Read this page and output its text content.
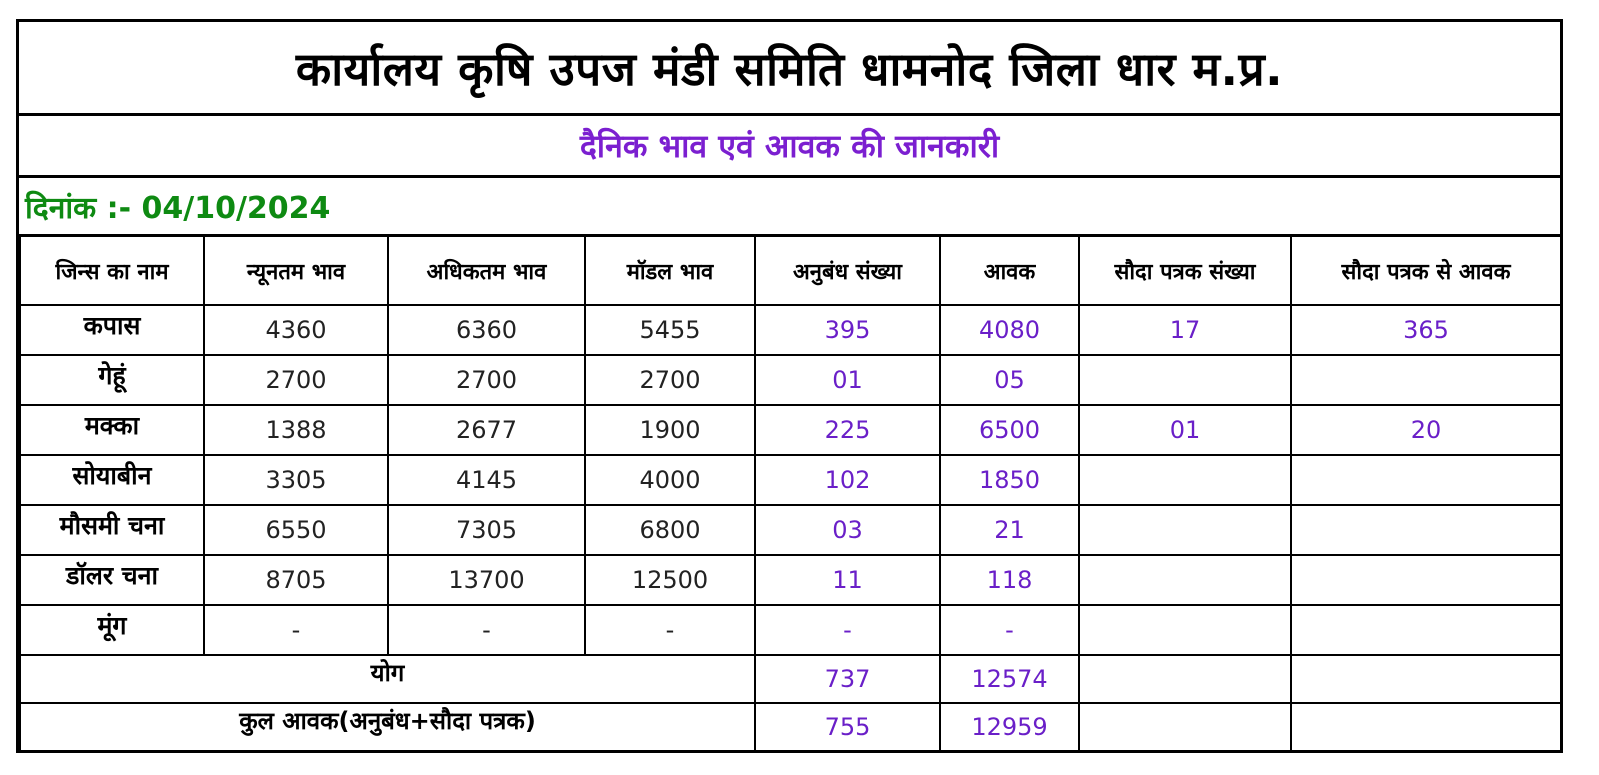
कार्यालय कृषि उपज मंडी समिति धामनोद जिला धार म.प्र.
दैनिक भाव एवं आवक की जानकारी
दिनांक :- 04/10/2024
जिन्स का नाम	न्यूनतम भाव	अधिकतम भाव	मॉडल भाव	अनुबंध संख्या	आवक	सौदा पत्रक संख्या	सौदा पत्रक से आवक
कपास	4360	6360	5455	395	4080	17	365
गेहूं	2700	2700	2700	01	05		
मक्का	1388	2677	1900	225	6500	01	20
सोयाबीन	3305	4145	4000	102	1850		
मौसमी चना	6550	7305	6800	03	21		
डॉलर चना	8705	13700	12500	11	118		
मूंग	-	-	-	-	-		
योग				737	12574		
कुल आवक(अनुबंध+सौदा पत्रक)				755	12959		
